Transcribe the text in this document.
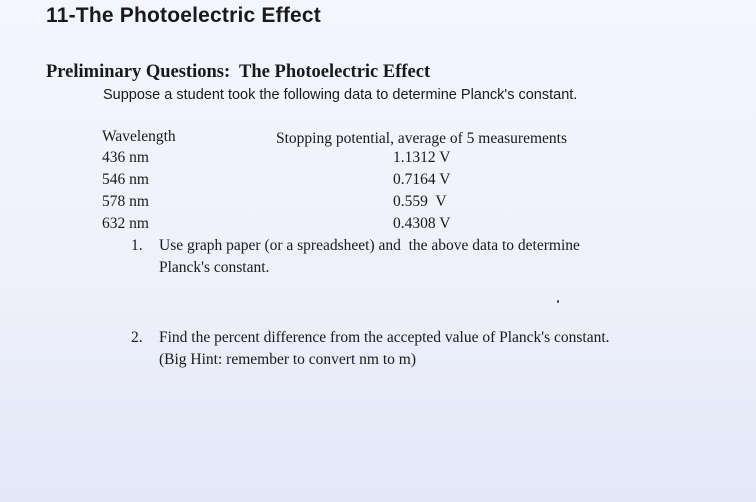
11-The Photoelectric Effect
Preliminary Questions:  The Photoelectric Effect
Suppose a student took the following data to determine Planck's constant.
Wavelength	Stopping potential, average of 5 measurements
436 nm	1.1312 V
546 nm	0.7164 V
578 nm	0.559  V
632 nm	0.4308 V
1. Use graph paper (or a spreadsheet) and  the above data to determine
Planck's constant.
2. Find the percent difference from the accepted value of Planck's constant.
(Big Hint: remember to convert nm to m)
